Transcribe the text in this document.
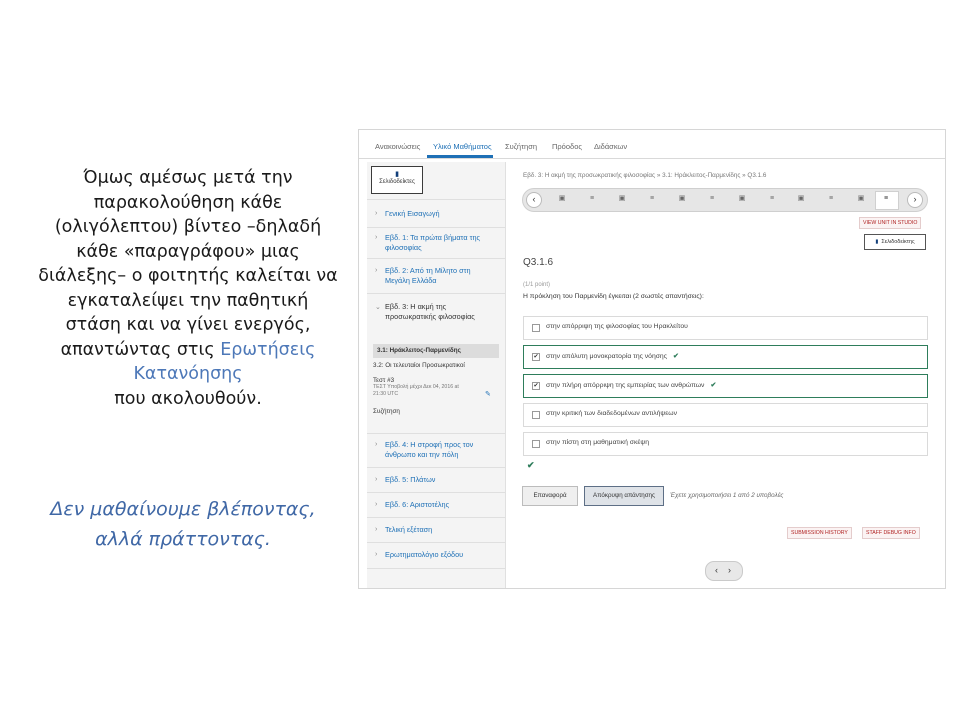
Όμως αμέσως μετά την
παρακολούθηση κάθε
(ολιγόλεπτου) βίντεο –δηλαδή
κάθε «παραγράφου» μιας
διάλεξης– ο φοιτητής καλείται να
εγκαταλείψει την παθητική
στάση και να γίνει ενεργός,
απαντώντας στις Ερωτήσεις
Κατανόησης
που ακολουθούν.
Δεν μαθαίνουμε βλέποντας,
αλλά πράττοντας.
Ανακοινώσεις Υλικό Μαθήματος Συζήτηση Πρόοδος Διδάσκων
▮
Σελιδοδείκτες
› Γενική Εισαγωγή
› Εβδ. 1: Τα πρώτα βήματα της φιλοσοφίας
› Εβδ. 2: Από τη Μίλητο στη Μεγάλη Ελλάδα
⌄ Εβδ. 3: Η ακμή της προσωκρατικής φιλοσοφίας
3.1: Ηράκλειτος-Παρμενίδης
3.2: Οι τελευταίοι Προσωκρατικοί
Τεστ #3
ΤΕΣΤ Υποβολή μέχρι Δεκ 04, 2016 at
21:30 UTC	✎
Συζήτηση
› Εβδ. 4: Η στροφή προς τον άνθρωπο και την πόλη
› Εβδ. 5: Πλάτων
› Εβδ. 6: Αριστοτέλης
› Τελική εξέταση
› Ερωτηματολόγιο εξόδου
Εβδ. 3: Η ακμή της προσωκρατικής φιλοσοφίας » 3.1: Ηράκλειτος-Παρμενίδης » Q3.1.6
‹	▣	≡	▣	≡	▣	≡	▣	≡	▣	≡	▣	≡	›
VIEW UNIT IN STUDIO
▮ Σελιδοδείκτης
Q3.1.6
(1/1 point)
Η πρόκληση του Παρμενίδη έγκειται (2 σωστές απαντήσεις):
στην απόρριψη της φιλοσοφίας του Ηρακλείτου
✔ στην απόλυτη μονοκρατορία της νόησης ✔
✔ στην πλήρη απόρριψη της εμπειρίας των ανθρώπων ✔
στην κριτική των διαδεδομένων αντιλήψεων
στην πίστη στη μαθηματική σκέψη
✔
Επαναφορά	Απόκρυψη απάντησης	Έχετε χρησιμοποιήσει 1 από 2 υποβολές
SUBMISSION HISTORY	STAFF DEBUG INFO
‹ ›
